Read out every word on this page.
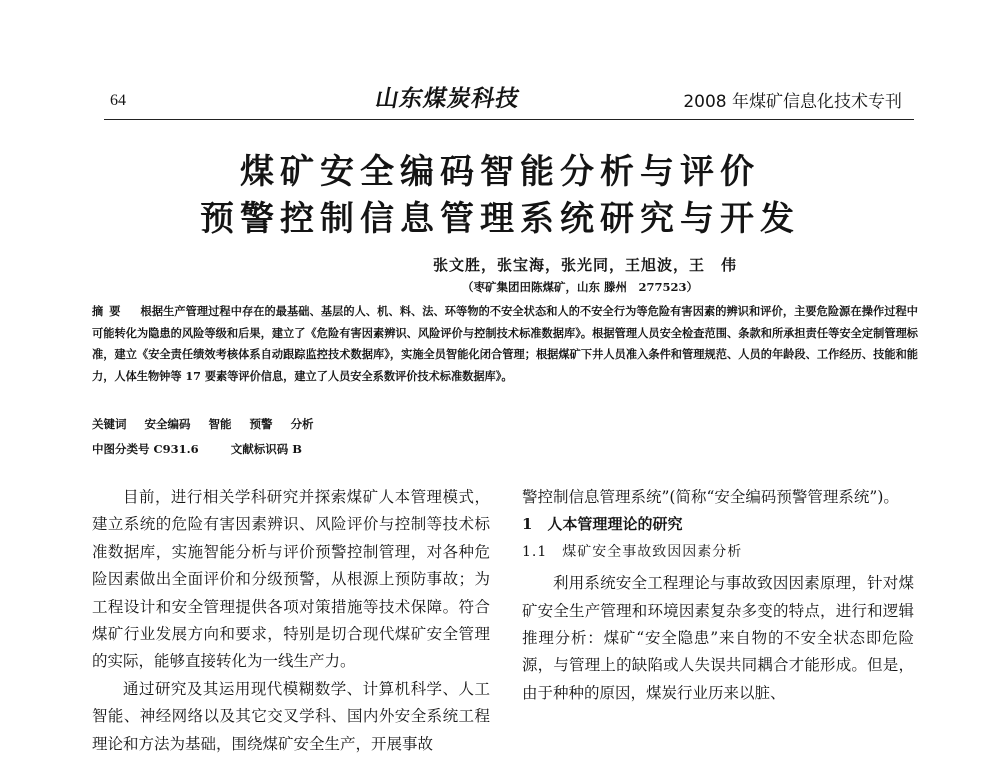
64	山东煤炭科技	2008 年煤矿信息化技术专刊
煤矿安全编码智能分析与评价
预警控制信息管理系统研究与开发
张文胜，张宝海，张光同，王旭波，王　伟
（枣矿集团田陈煤矿，山东 滕州　277523）
摘要 根据生产管理过程中存在的最基础、基层的人、机、料、法、环等物的不安全状态和人的不安全行为等危险有害因素的辨识和评价，主要危险源在操作过程中可能转化为隐患的风险等级和后果，建立了《危险有害因素辨识、风险评价与控制技术标准数据库》。根据管理人员安全检查范围、条款和所承担责任等安全定制管理标准，建立《安全责任绩效考核体系自动跟踪监控技术数据库》，实施全员智能化闭合管理；根据煤矿下井人员准入条件和管理规范、人员的年龄段、工作经历、技能和能力，人体生物钟等 17 要素等评价信息，建立了人员安全系数评价技术标准数据库》。
关键词 安全编码 智能 预警 分析
中图分类号 C931.6	文献标识码 B

目前，进行相关学科研究并探索煤矿人本管理模式，建立系统的危险有害因素辨识、风险评价与控制等技术标准数据库，实施智能分析与评价预警控制管理，对各种危险因素做出全面评价和分级预警，从根源上预防事故；为工程设计和安全管理提供各项对策措施等技术保障。符合煤矿行业发展方向和要求，特别是切合现代煤矿安全管理的实际，能够直接转化为一线生产力。

通过研究及其运用现代模糊数学、计算机科学、人工智能、神经网络以及其它交叉学科、国内外安全系统工程理论和方法为基础，围绕煤矿安全生产，开展事故

警控制信息管理系统”(简称“安全编码预警管理系统”)。

1　人本管理理论的研究

1.1　煤矿安全事故致因因素分析

利用系统安全工程理论与事故致因因素原理，针对煤矿安全生产管理和环境因素复杂多变的特点，进行和逻辑推理分析：煤矿“安全隐患”来自物的不安全状态即危险源，与管理上的缺陷或人失误共同耦合才能形成。但是，由于种种的原因，煤炭行业历来以脏、
